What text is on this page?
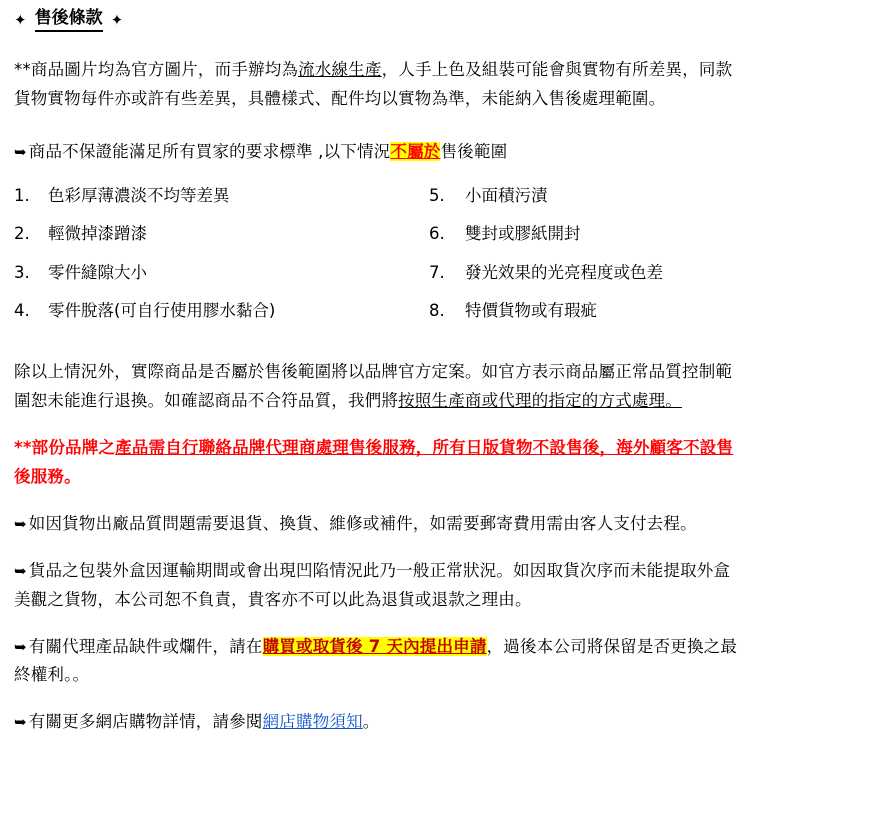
✦ 售後條款 ✦
**商品圖片均為官方圖片，而手辦均為流水線生產，人手上色及組裝可能會與實物有所差異，同款
貨物實物每件亦或許有些差異，具體樣式、配件均以實物為準，未能納入售後處理範圍。
➥ 商品不保證能滿足所有買家的要求標準 ,以下情況不屬於售後範圍
1.	色彩厚薄濃淡不均等差異
2.	輕微掉漆蹭漆
3.	零件縫隙大小
4.	零件脫落(可自行使用膠水黏合)
5.	小面積污漬
6.	雙封或膠紙開封
7.	發光效果的光亮程度或色差
8.	特價貨物或有瑕疵
除以上情況外，實際商品是否屬於售後範圍將以品牌官方定案。如官方表示商品屬正常品質控制範
圍恕未能進行退換。如確認商品不合符品質，我們將按照生產商或代理的指定的方式處理。
**部份品牌之產品需自行聯絡品牌代理商處理售後服務，所有日版貨物不設售後，海外顧客不設售
後服務。
➥ 如因貨物出廠品質問題需要退貨、換貨、維修或補件，如需要郵寄費用需由客人支付去程。
➥ 貨品之包裝外盒因運輸期間或會出現凹陷情況此乃一般正常狀況。如因取貨次序而未能提取外盒
美觀之貨物，本公司恕不負責，貴客亦不可以此為退貨或退款之理由。
➥ 有關代理產品缺件或爛件，請在購買或取貨後 7 天內提出申請，過後本公司將保留是否更換之最
終權利。。
➥ 有關更多網店購物詳情，請參閱網店購物須知。
